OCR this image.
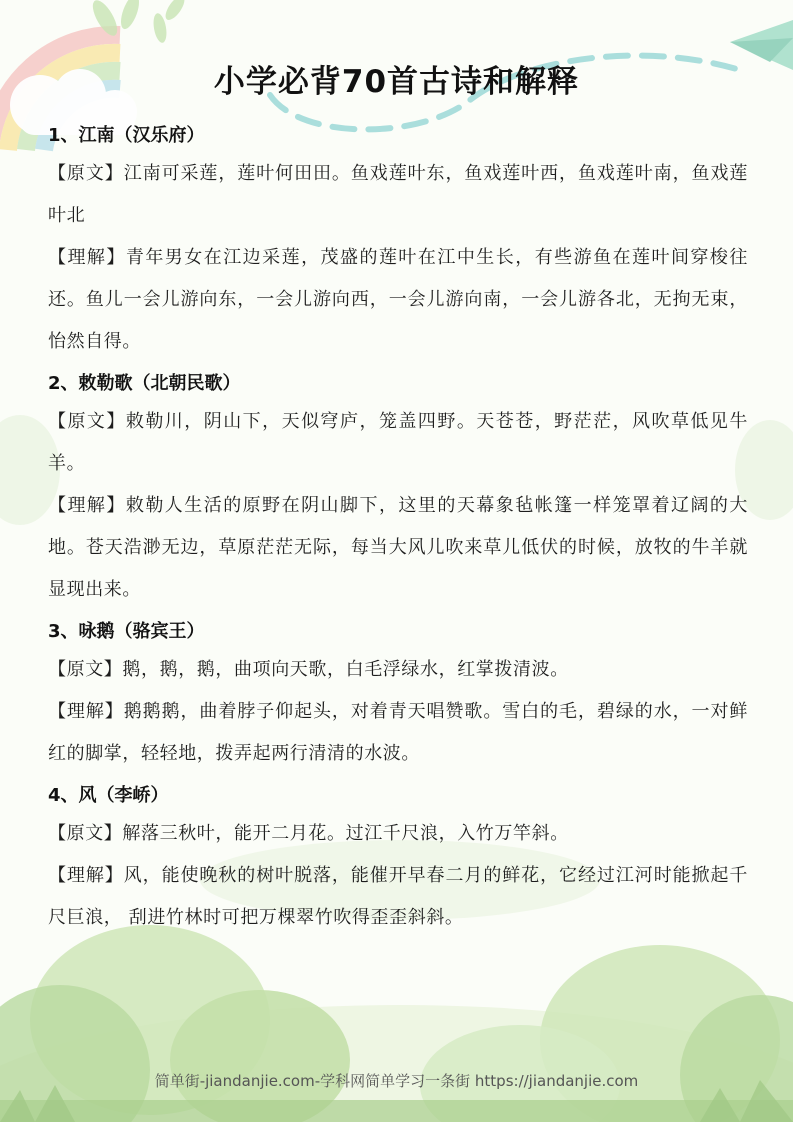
小学必背70首古诗和解释
1、江南（汉乐府）

【原文】江南可采莲，莲叶何田田。鱼戏莲叶东，鱼戏莲叶西，鱼戏莲叶南，鱼戏莲叶北

【理解】青年男女在江边采莲，茂盛的莲叶在江中生长，有些游鱼在莲叶间穿梭往还。鱼儿一会儿游向东，一会儿游向西，一会儿游向南，一会儿游各北，无拘无束，怡然自得。

2、敕勒歌（北朝民歌）

【原文】敕勒川，阴山下，天似穹庐，笼盖四野。天苍苍，野茫茫，风吹草低见牛羊。

【理解】敕勒人生活的原野在阴山脚下，这里的天幕象毡帐篷一样笼罩着辽阔的大地。苍天浩渺无边，草原茫茫无际，每当大风儿吹来草儿低伏的时候，放牧的牛羊就显现出来。

3、咏鹅（骆宾王）

【原文】鹅，鹅，鹅，曲项向天歌，白毛浮绿水，红掌拨清波。

【理解】鹅鹅鹅，曲着脖子仰起头，对着青天唱赞歌。雪白的毛，碧绿的水，一对鲜红的脚掌，轻轻地，拨弄起两行清清的水波。

4、风（李峤）

【原文】解落三秋叶，能开二月花。过江千尺浪，入竹万竿斜。

【理解】风，能使晚秋的树叶脱落，能催开早春二月的鲜花，它经过江河时能掀起千尺巨浪， 刮进竹林时可把万棵翠竹吹得歪歪斜斜。

简单街-jiandanjie.com-学科网简单学习一条街 https://jiandanjie.com
